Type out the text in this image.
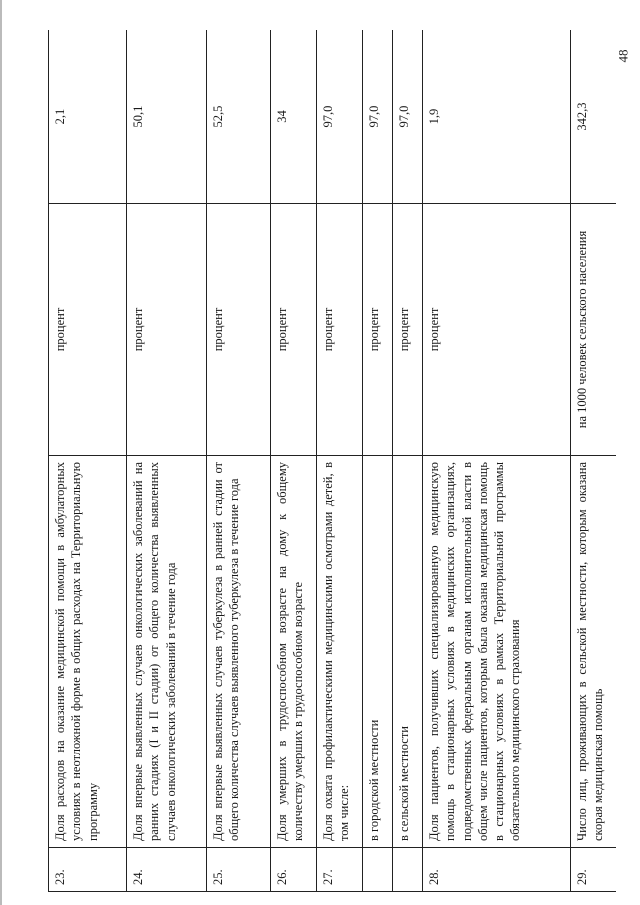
48
23.	Доля расходов на оказание медицинской помощи в амбулаторных условиях в неотложной форме в общих расходах на Территориальную программу	процент	2,1
24.	Доля впервые выявленных случаев онкологических заболеваний на ранних стадиях (I и II стадии) от общего количества выявленных случаев онкологических заболеваний в течение года	процент	50,1
25.	Доля впервые выявленных случаев туберкулеза в ранней стадии от общего количества случаев выявленного туберкулеза в течение года	процент	52,5
26.	Доля умерших в трудоспособном возрасте на дому к общему количеству умерших в трудоспособном возрасте	процент	34
27.	Доля охвата профилактическими медицинскими осмотрами детей, в том числе:	процент	97,0
	в городской местности	процент	97,0
	в сельской местности	процент	97,0
28.	Доля пациентов, получивших специализированную медицинскую помощь в стационарных условиях в медицинских организациях, подведомственных федеральным органам исполнительной власти в общем числе пациентов, которым была оказана медицинская помощь в стационарных условиях в рамках Территориальной программы обязательного медицинского страхования	процент	1,9
29.	Число лиц, проживающих в сельской местности, которым оказана скорая медицинская помощь	на 1000 человек сельского населения	342,3
